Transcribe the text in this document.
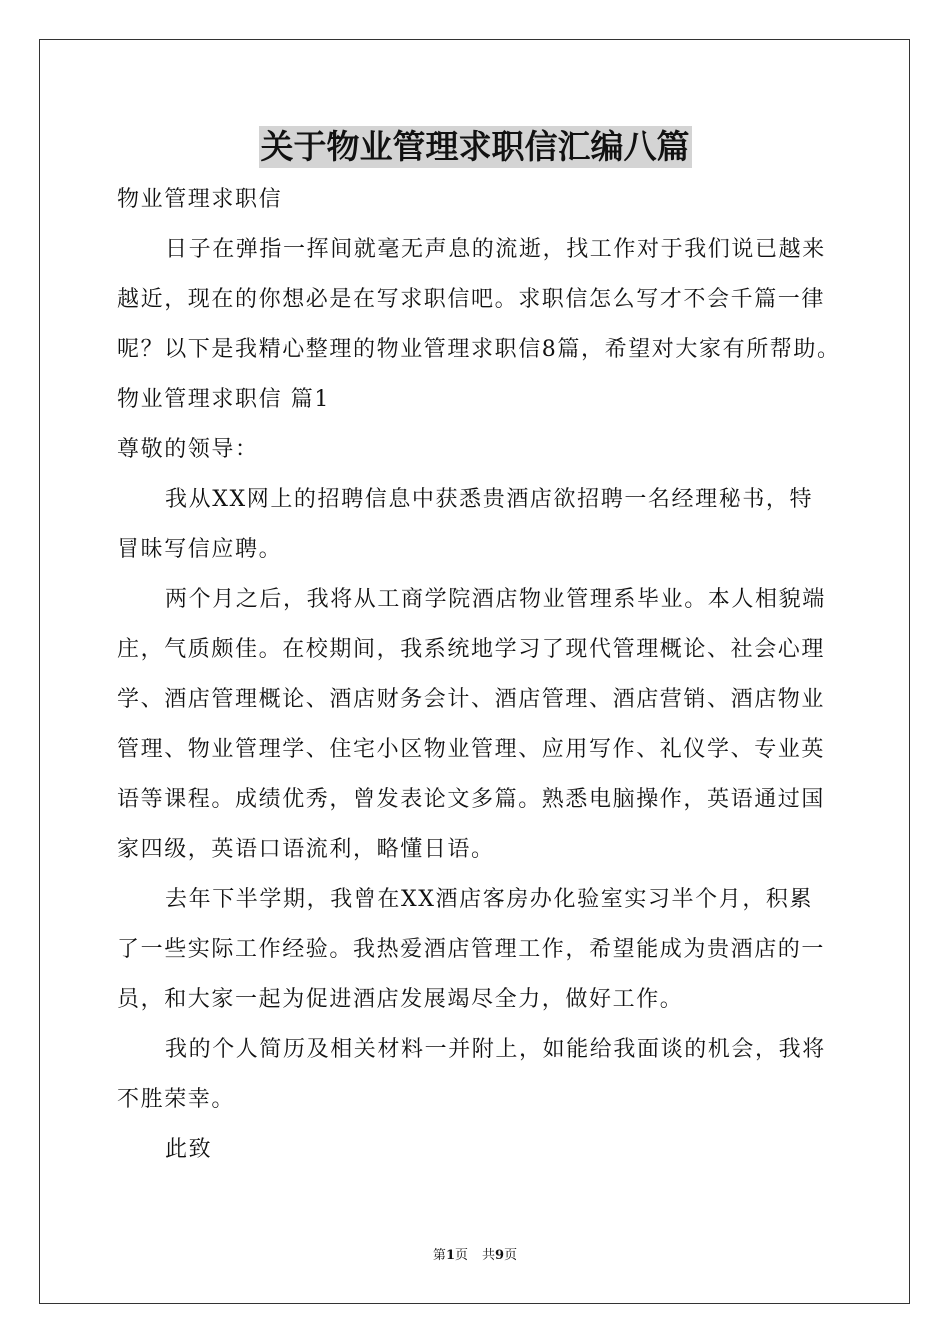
关于物业管理求职信汇编八篇
物业管理求职信
日子在弹指一挥间就毫无声息的流逝，找工作对于我们说已越来
越近，现在的你想必是在写求职信吧。求职信怎么写才不会千篇一律
呢？以下是我精心整理的物业管理求职信8篇，希望对大家有所帮助。
物业管理求职信 篇1
尊敬的领导：
我从XX网上的招聘信息中获悉贵酒店欲招聘一名经理秘书，特
冒昧写信应聘。
两个月之后，我将从工商学院酒店物业管理系毕业。本人相貌端
庄，气质颇佳。在校期间，我系统地学习了现代管理概论、社会心理
学、酒店管理概论、酒店财务会计、酒店管理、酒店营销、酒店物业
管理、物业管理学、住宅小区物业管理、应用写作、礼仪学、专业英
语等课程。成绩优秀，曾发表论文多篇。熟悉电脑操作，英语通过国
家四级，英语口语流利，略懂日语。
去年下半学期，我曾在XX酒店客房办化验室实习半个月，积累
了一些实际工作经验。我热爱酒店管理工作，希望能成为贵酒店的一
员，和大家一起为促进酒店发展竭尽全力，做好工作。
我的个人简历及相关材料一并附上，如能给我面谈的机会，我将
不胜荣幸。
此致
第1页 共9页
